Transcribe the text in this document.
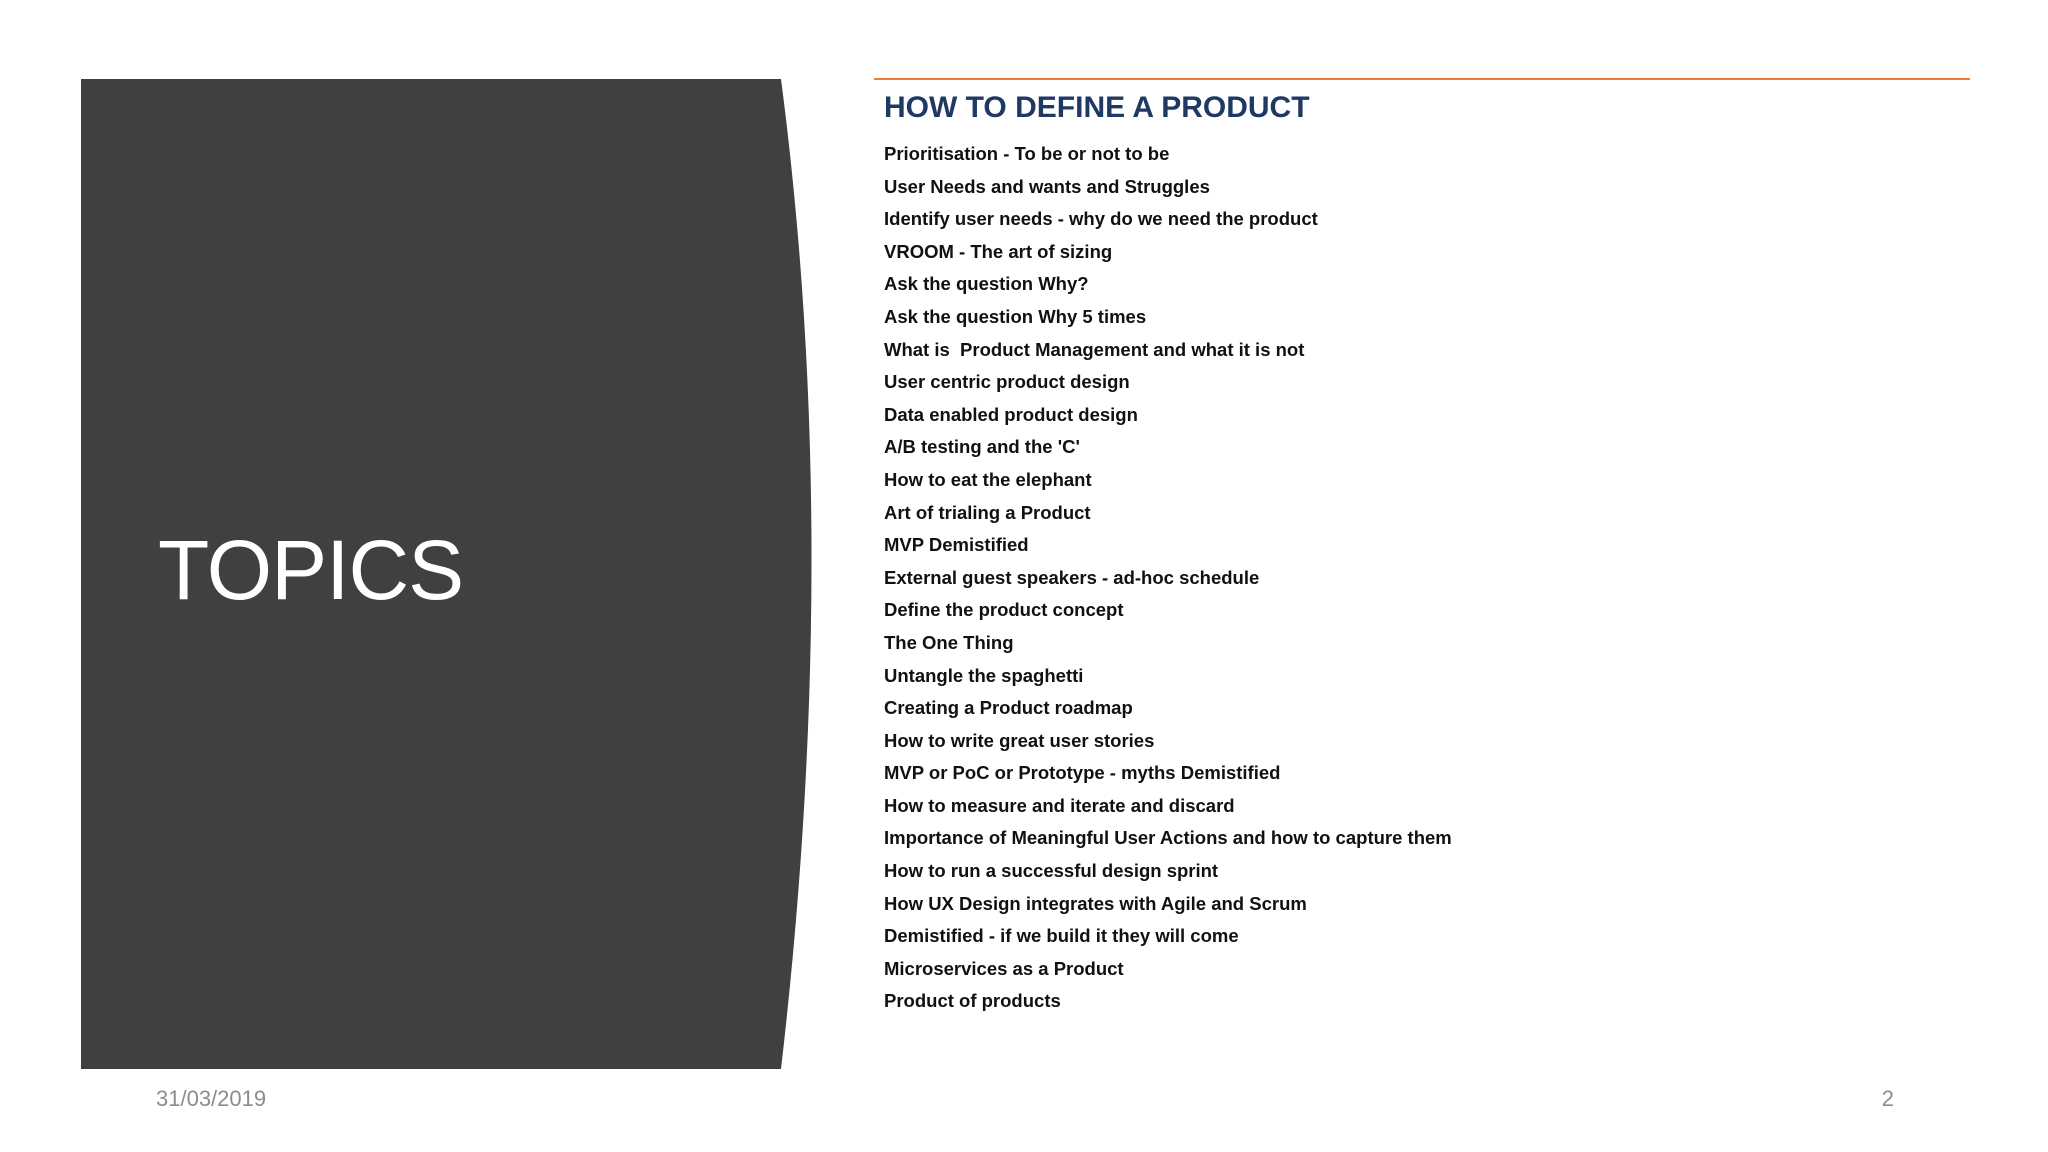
TOPICS
HOW TO DEFINE A PRODUCT
Prioritisation - To be or not to be
User Needs and wants and Struggles
Identify user needs - why do we need the product
VROOM - The art of sizing
Ask the question Why?
Ask the question Why 5 times
What is  Product Management and what it is not
User centric product design
Data enabled product design
A/B testing and the 'C'
How to eat the elephant
Art of trialing a Product
MVP Demistified
External guest speakers - ad-hoc schedule
Define the product concept
The One Thing
Untangle the spaghetti
Creating a Product roadmap
How to write great user stories
MVP or PoC or Prototype - myths Demistified
How to measure and iterate and discard
Importance of Meaningful User Actions and how to capture them
How to run a successful design sprint
How UX Design integrates with Agile and Scrum
Demistified - if we build it they will come
Microservices as a Product
Product of products
31/03/2019	2
